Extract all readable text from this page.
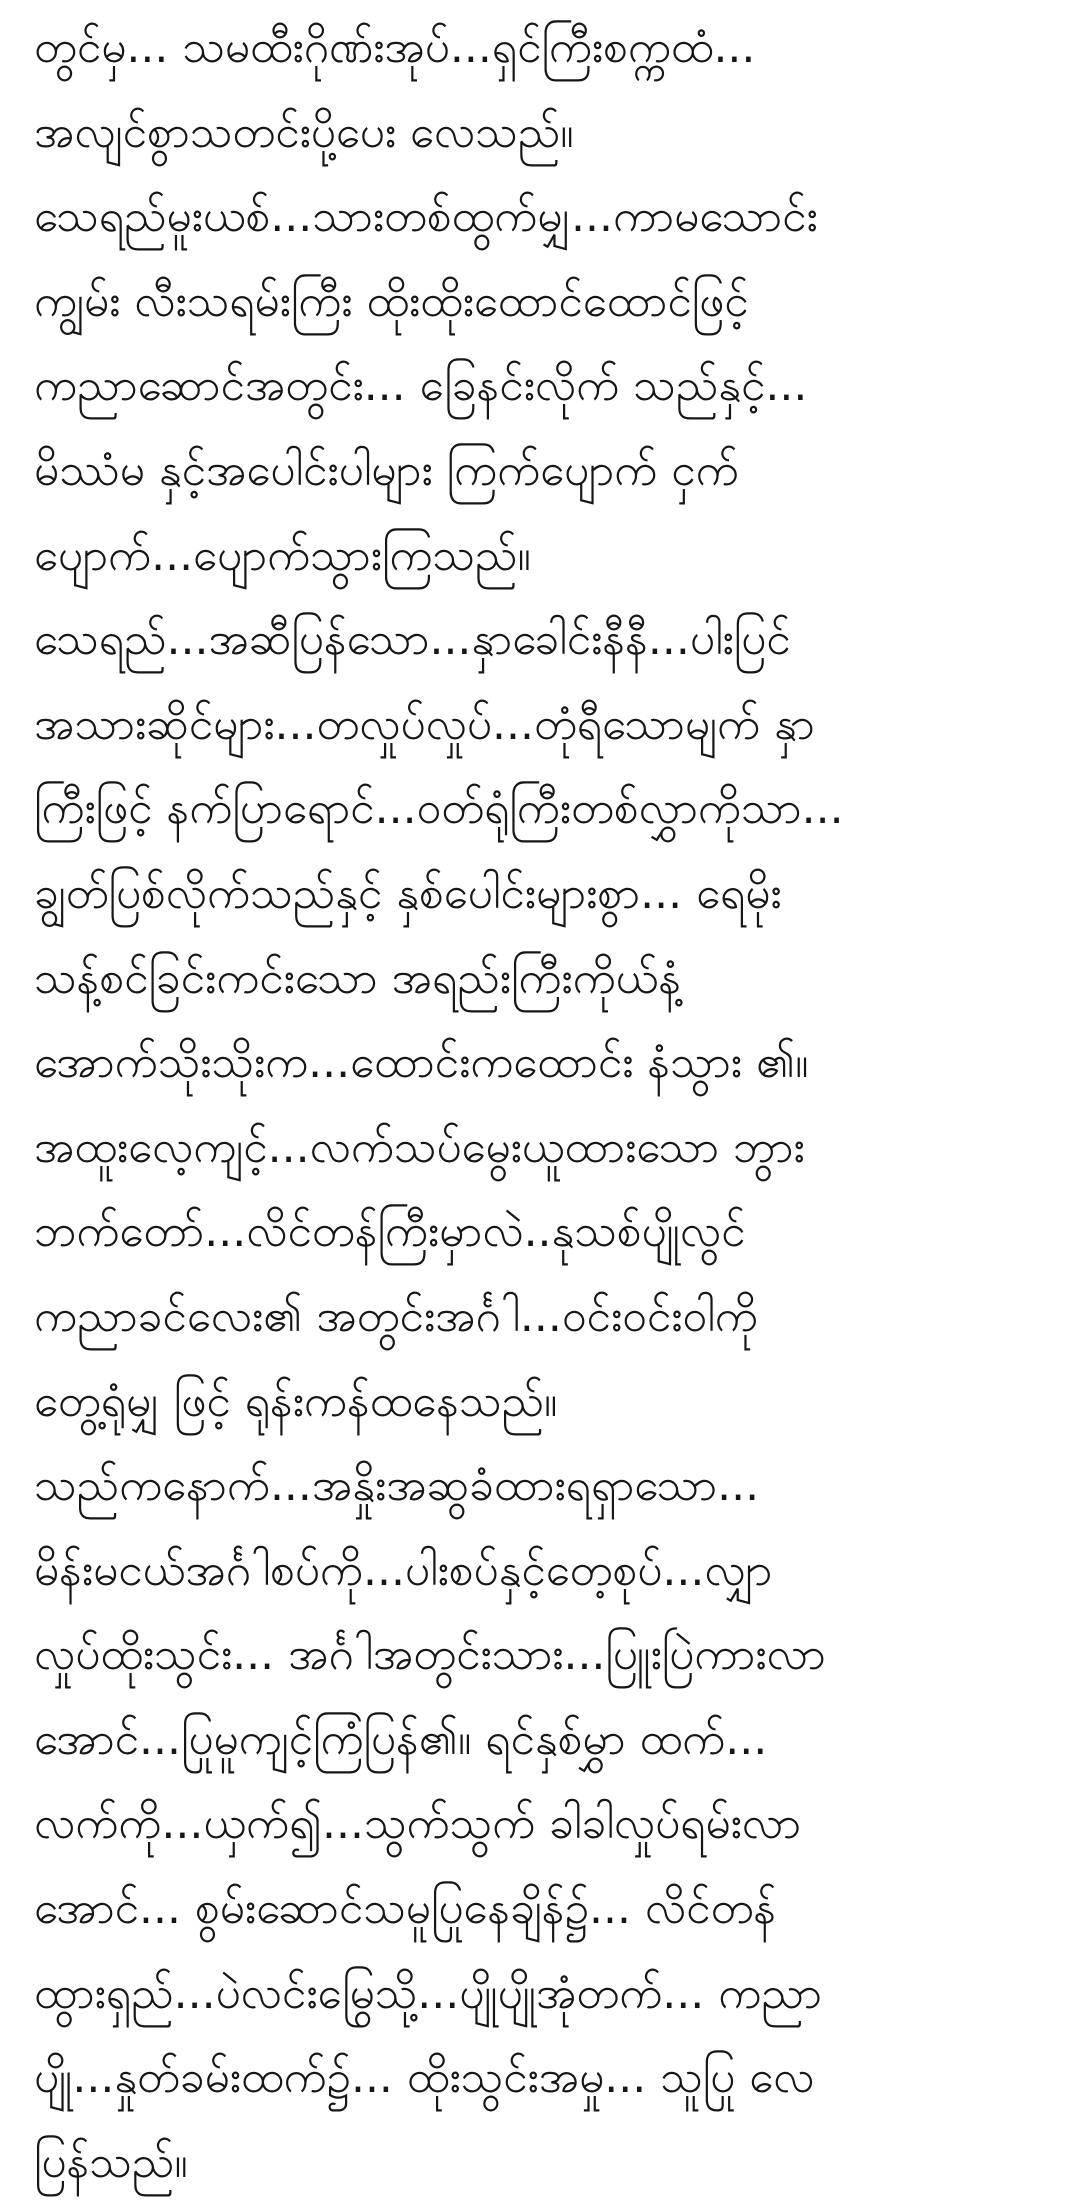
တွင်မှ... သမထီးဂိုဏ်းအုပ်...ရှင်ကြီးစက္ကထံ...
အလျင်စွာသတင်းပို့ပေး လေသည်။
သေရည်မူးယစ်...သားတစ်ထွက်မျှ...ကာမသောင်း
ကျွမ်း လီးသရမ်းကြီး ထိုးထိုးထောင်ထောင်ဖြင့်
ကညာဆောင်အတွင်း... ခြေနင်းလိုက် သည်နှင့်...
မိဿံမ နှင့်အပေါင်းပါများ ကြက်ပျောက် ငှက်
ပျောက်...ပျောက်သွားကြသည်။
သေရည်...အဆီပြန်သော...နှာခေါင်းနီနီ...ပါးပြင်
အသားဆိုင်များ...တလှုပ်လှုပ်...တုံရီသောမျက် နှာ
ကြီးဖြင့် နက်ပြာရောင်...ဝတ်ရုံကြီးတစ်လွှာကိုသာ...
ချွတ်ပြစ်လိုက်သည်နှင့် နှစ်ပေါင်းများစွာ... ရေမိုး
သန့်စင်ခြင်းကင်းသော အရည်းကြီးကိုယ်နံ့
အောက်သိုးသိုးက...ထောင်းကထောင်း နံသွား ၏။
အထူးလေ့ကျင့်...လက်သပ်မွေးယူထားသော ဘွား
ဘက်တော်...လိင်တန်ကြီးမှာလဲ..နုသစ်ပျိုလွင်
ကညာခင်လေး၏ အတွင်းအင်္ဂါ...ဝင်းဝင်းဝါကို
တွေ့ရုံမျှ ဖြင့် ရုန်းကန်ထနေသည်။
သည်ကနောက်...အနှိုးအဆွခံထားရရှာသော...
မိန်းမငယ်အင်္ဂါစပ်ကို...ပါးစပ်နှင့်တေ့စုပ်...လျှာ
လှုပ်ထိုးသွင်း... အင်္ဂါအတွင်းသား...ပြူးပြဲကားလာ
အောင်...ပြုမူကျင့်ကြံပြန်၏။ ရင်နှစ်မွှာ ထက်...
လက်ကို...ယှက်၍...သွက်သွက် ခါခါလှုပ်ရမ်းလာ
အောင်... စွမ်းဆောင်သမူပြုနေချိန်၌... လိင်တန်
ထွားရှည်...ပဲလင်းမြွေသို့...ပျိုပျိုအုံတက်... ကညာ
ပျို...နှုတ်ခမ်းထက်၌... ထိုးသွင်းအမှု... သူပြု လေ
ပြန်သည်။
